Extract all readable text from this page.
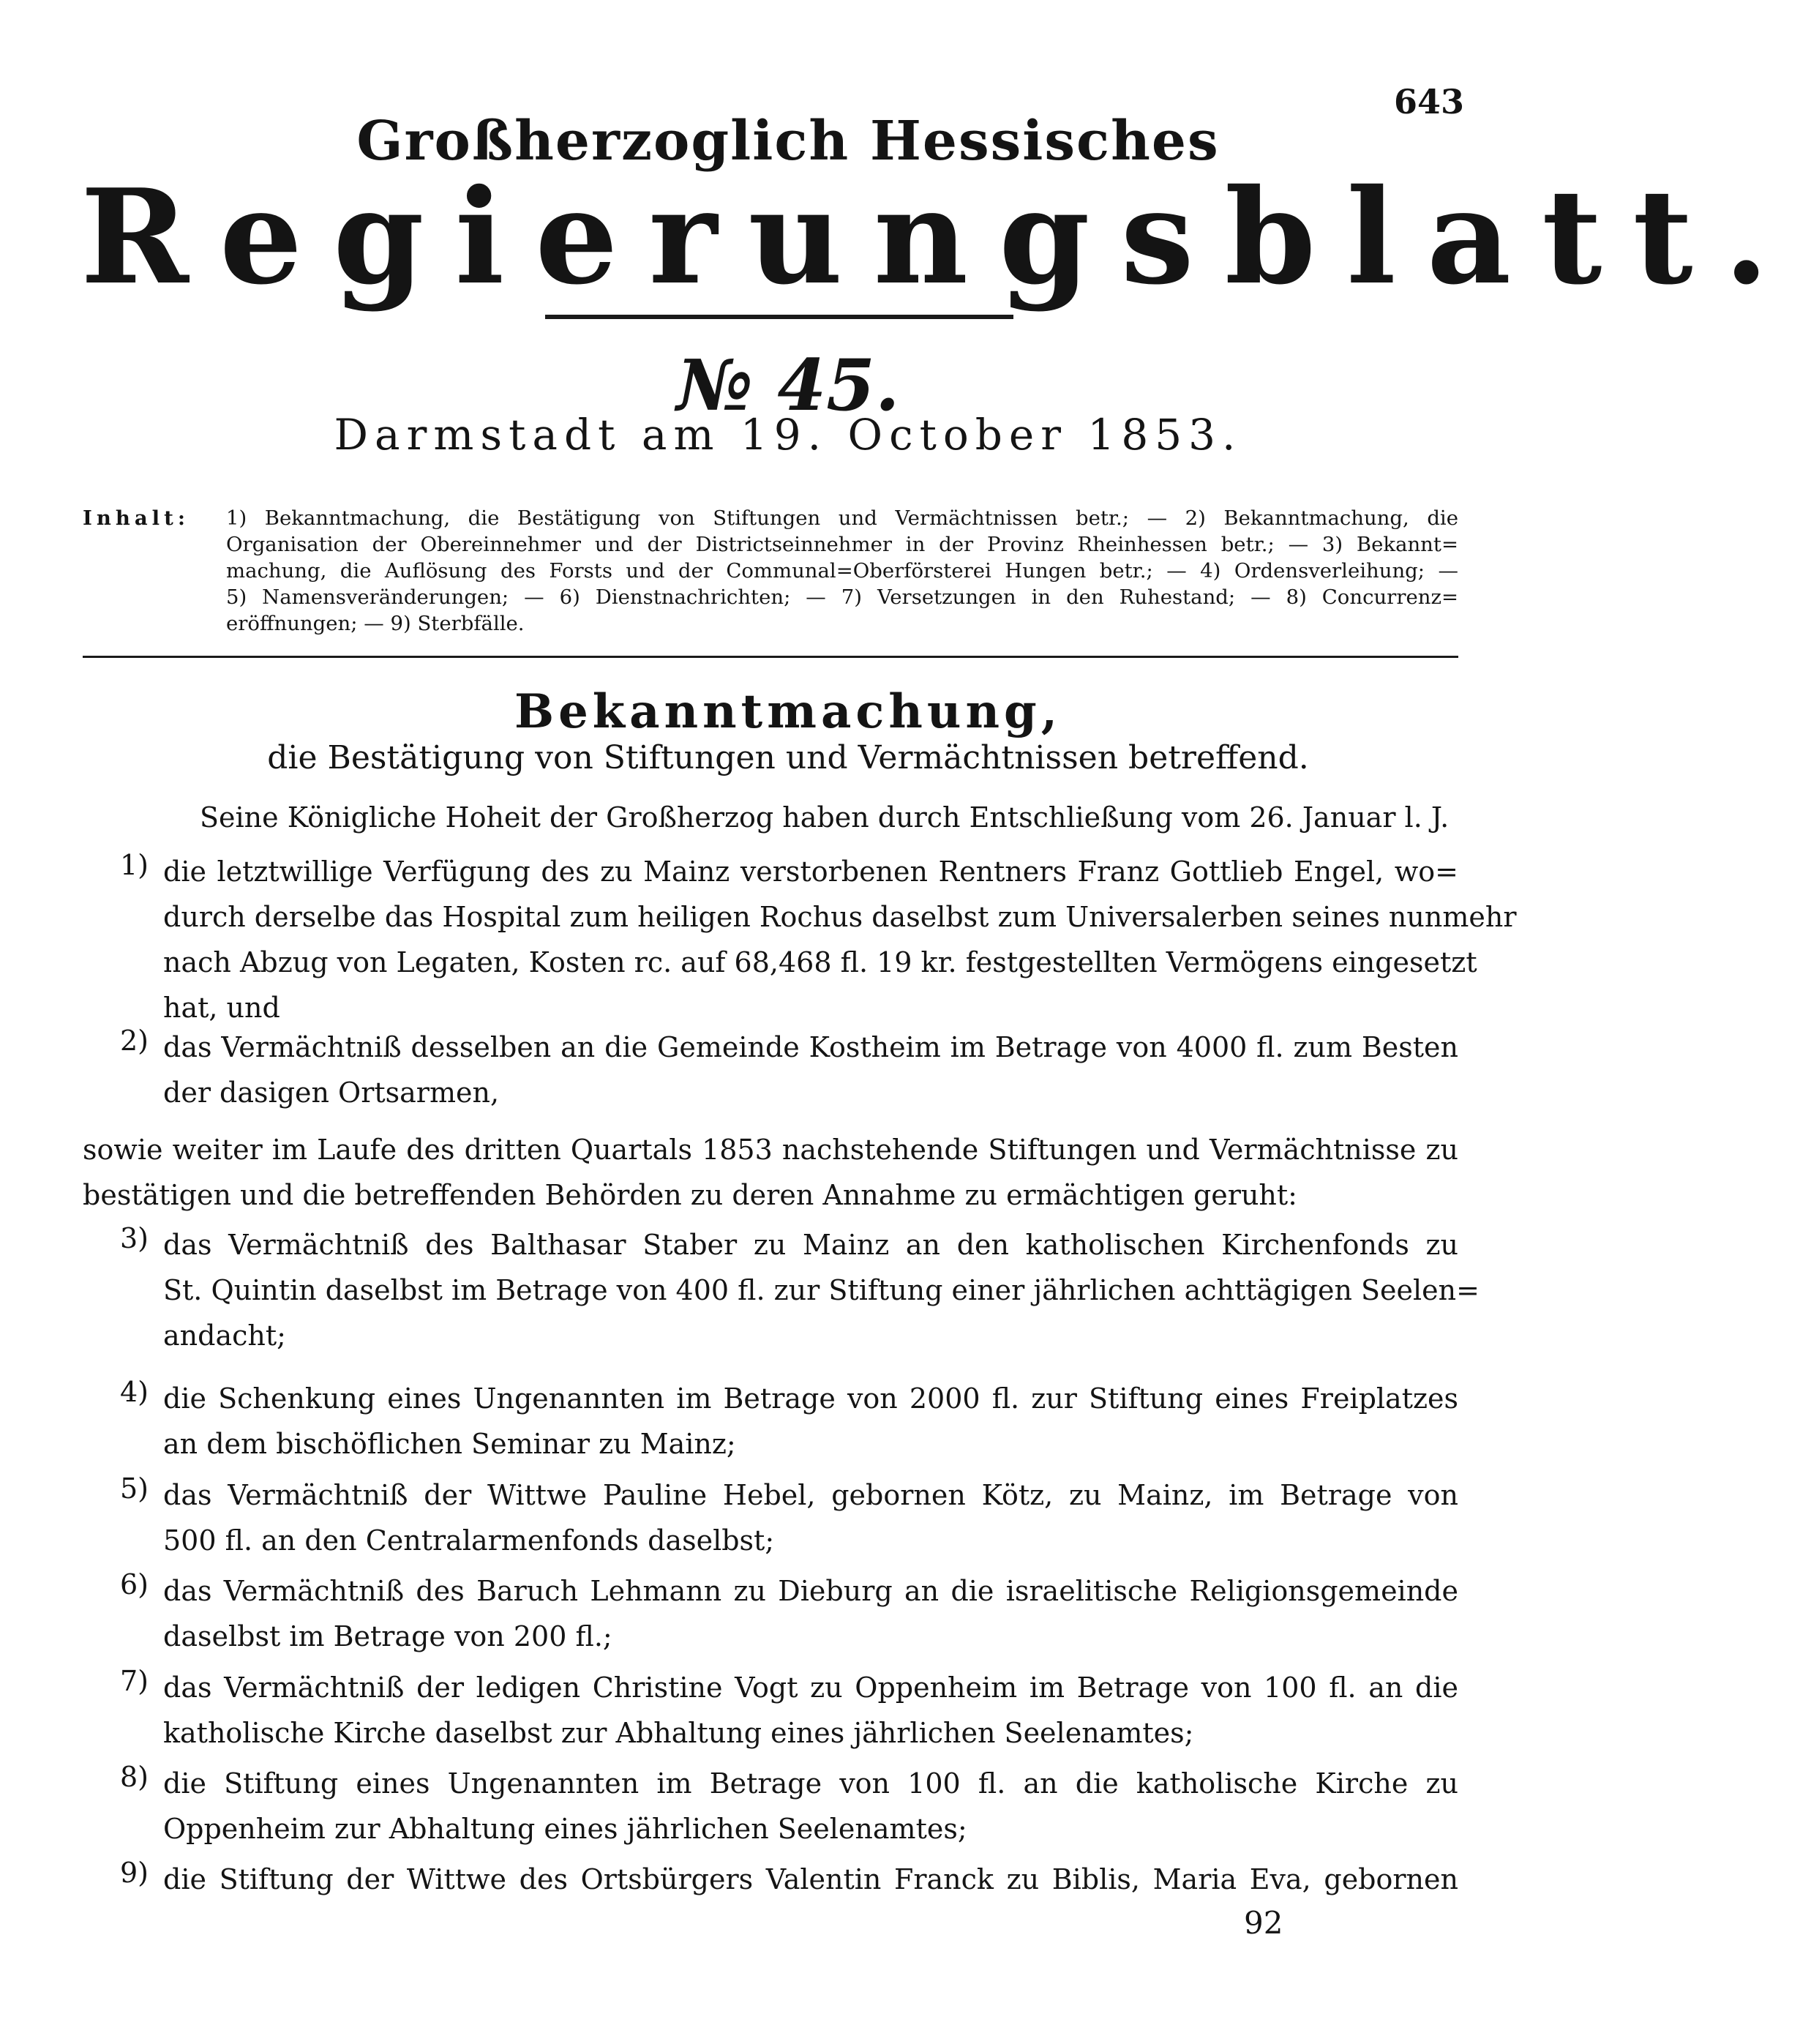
643
Großherzoglich Hessisches
Regierungsblatt.
№ 45.
Darmstadt am 19. October 1853.
Inhalt: 1) Bekanntmachung, die Bestätigung von Stiftungen und Vermächtnissen betr.; — 2) Bekanntmachung, die
Organisation der Obereinnehmer und der Districtseinnehmer in der Provinz Rheinhessen betr.; — 3) Bekannt=
machung, die Auflösung des Forsts und der Communal=Oberförsterei Hungen betr.; — 4) Ordensverleihung; —
5) Namensveränderungen; — 6) Dienstnachrichten; — 7) Versetzungen in den Ruhestand; — 8) Concurrenz=
eröffnungen; — 9) Sterbfälle.
Bekanntmachung,
die Bestätigung von Stiftungen und Vermächtnissen betreffend.
Seine Königliche Hoheit der Großherzog haben durch Entschließung vom 26. Januar l. J.
1) die letztwillige Verfügung des zu Mainz verstorbenen Rentners Franz Gottlieb Engel, wo=
durch derselbe das Hospital zum heiligen Rochus daselbst zum Universalerben seines nunmehr
nach Abzug von Legaten, Kosten rc. auf 68,468 fl. 19 kr. festgestellten Vermögens eingesetzt
hat, und
2) das Vermächtniß desselben an die Gemeinde Kostheim im Betrage von 4000 fl. zum Besten
der dasigen Ortsarmen,
sowie weiter im Laufe des dritten Quartals 1853 nachstehende Stiftungen und Vermächtnisse zu
bestätigen und die betreffenden Behörden zu deren Annahme zu ermächtigen geruht:
3) das Vermächtniß des Balthasar Staber zu Mainz an den katholischen Kirchenfonds zu
St. Quintin daselbst im Betrage von 400 fl. zur Stiftung einer jährlichen achttägigen Seelen=
andacht;
4) die Schenkung eines Ungenannten im Betrage von 2000 fl. zur Stiftung eines Freiplatzes
an dem bischöflichen Seminar zu Mainz;
5) das Vermächtniß der Wittwe Pauline Hebel, gebornen Kötz, zu Mainz, im Betrage von
500 fl. an den Centralarmenfonds daselbst;
6) das Vermächtniß des Baruch Lehmann zu Dieburg an die israelitische Religionsgemeinde
daselbst im Betrage von 200 fl.;
7) das Vermächtniß der ledigen Christine Vogt zu Oppenheim im Betrage von 100 fl. an die
katholische Kirche daselbst zur Abhaltung eines jährlichen Seelenamtes;
8) die Stiftung eines Ungenannten im Betrage von 100 fl. an die katholische Kirche zu
Oppenheim zur Abhaltung eines jährlichen Seelenamtes;
9) die Stiftung der Wittwe des Ortsbürgers Valentin Franck zu Biblis, Maria Eva, gebornen
92
